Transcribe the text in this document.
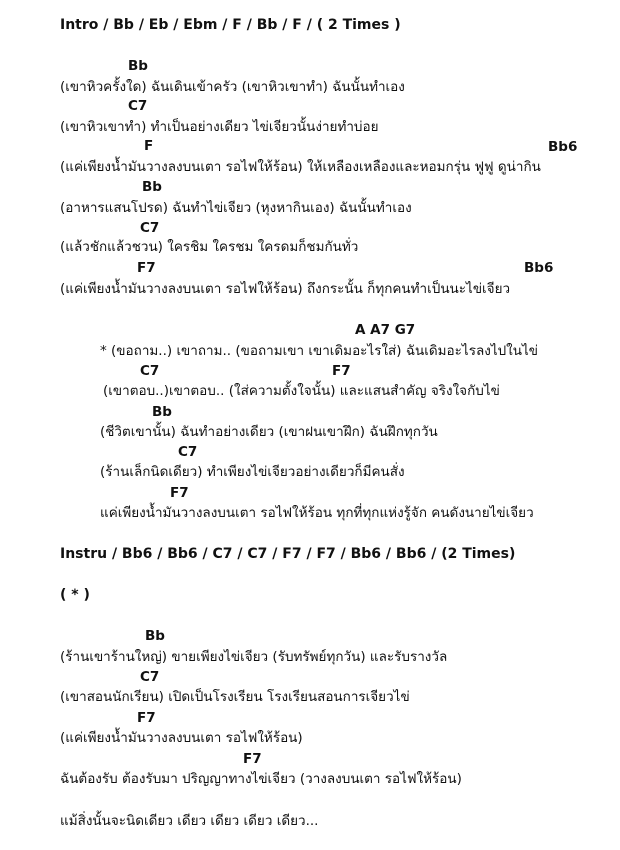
Intro / Bb / Eb / Ebm / F / Bb / F / ( 2 Times )
Bb
(เขาหิวครั้งใด) ฉันเดินเข้าครัว (เขาหิวเขาทำ) ฉันนั้นทำเอง
C7
(เขาหิวเขาทำ) ทำเป็นอย่างเดียว ไข่เจียวนั้นง่ายทำบ่อย
F	Bb6
(แค่เพียงน้ำมันวางลงบนเตา รอไฟให้ร้อน) ให้เหลืองเหลืองและหอมกรุ่น ฟูฟู ดูน่ากิน
Bb
(อาหารแสนโปรด) ฉันทำไข่เจียว (หุงหากินเอง) ฉันนั้นทำเอง
C7
(แล้วชักแล้วชวน) ใครชิม ใครชม ใครดมก็ชมกันทั่ว
F7	Bb6
(แค่เพียงน้ำมันวางลงบนเตา รอไฟให้ร้อน) ถึงกระนั้น ก็ทุกคนทำเป็นนะไข่เจียว
A A7 G7
* (ขอถาม..) เขาถาม.. (ขอถามเขา เขาเดิมอะไรใส่) ฉันเดิมอะไรลงไปในไข่
C7	F7
(เขาตอบ..)เขาตอบ.. (ใส่ความตั้งใจนั้น) และแสนสำคัญ จริงใจกับไข่
Bb
(ชีวิตเขานั้น) ฉันทำอย่างเดียว (เขาฝนเขาฝึก) ฉันฝึกทุกวัน
C7
(ร้านเล็กนิดเดียว) ทำเพียงไข่เจียวอย่างเดียวก็มีคนสั่ง
F7
แค่เพียงน้ำมันวางลงบนเตา รอไฟให้ร้อน ทุกที่ทุกแห่งรู้จัก คนดังนายไข่เจียว
Instru / Bb6 / Bb6 / C7 / C7 / F7 / F7 / Bb6 / Bb6 / (2 Times)
( * )
Bb
(ร้านเขาร้านใหญ่) ขายเพียงไข่เจียว (รับทรัพย์ทุกวัน) และรับรางวัล
C7
(เขาสอนนักเรียน) เปิดเป็นโรงเรียน โรงเรียนสอนการเจียวไข่
F7
(แค่เพียงน้ำมันวางลงบนเตา รอไฟให้ร้อน)
F7
ฉันต้องรับ ต้องรับมา ปริญญาทางไข่เจียว (วางลงบนเตา รอไฟให้ร้อน)
แม้สิ่งนั้นจะนิดเดียว เดียว เดียว เดียว เดียว...
